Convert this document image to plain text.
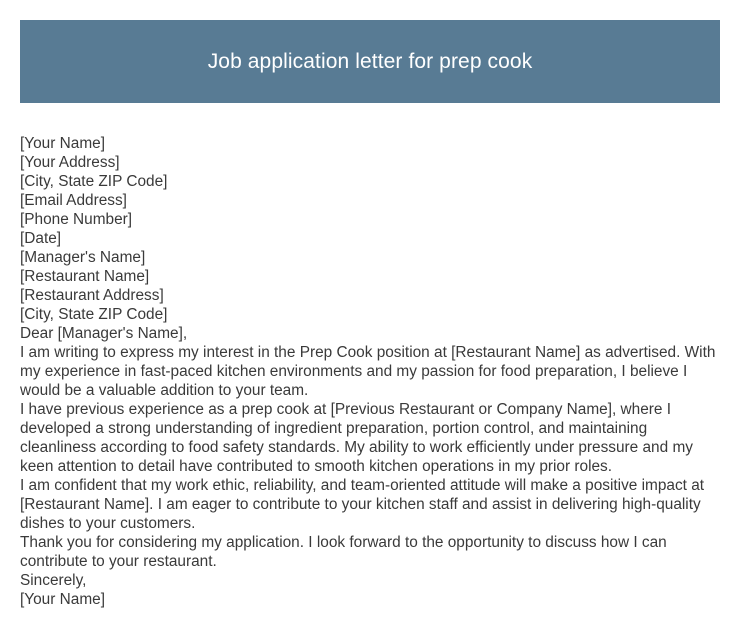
Job application letter for prep cook
[Your Name]
[Your Address]
[City, State ZIP Code]
[Email Address]
[Phone Number]
[Date]
[Manager's Name]
[Restaurant Name]
[Restaurant Address]
[City, State ZIP Code]
Dear [Manager's Name],
I am writing to express my interest in the Prep Cook position at [Restaurant Name] as advertised. With my experience in fast-paced kitchen environments and my passion for food preparation, I believe I would be a valuable addition to your team.
I have previous experience as a prep cook at [Previous Restaurant or Company Name], where I developed a strong understanding of ingredient preparation, portion control, and maintaining cleanliness according to food safety standards. My ability to work efficiently under pressure and my keen attention to detail have contributed to smooth kitchen operations in my prior roles.
I am confident that my work ethic, reliability, and team-oriented attitude will make a positive impact at [Restaurant Name]. I am eager to contribute to your kitchen staff and assist in delivering high-quality dishes to your customers.
Thank you for considering my application. I look forward to the opportunity to discuss how I can contribute to your restaurant.
Sincerely,
[Your Name]
